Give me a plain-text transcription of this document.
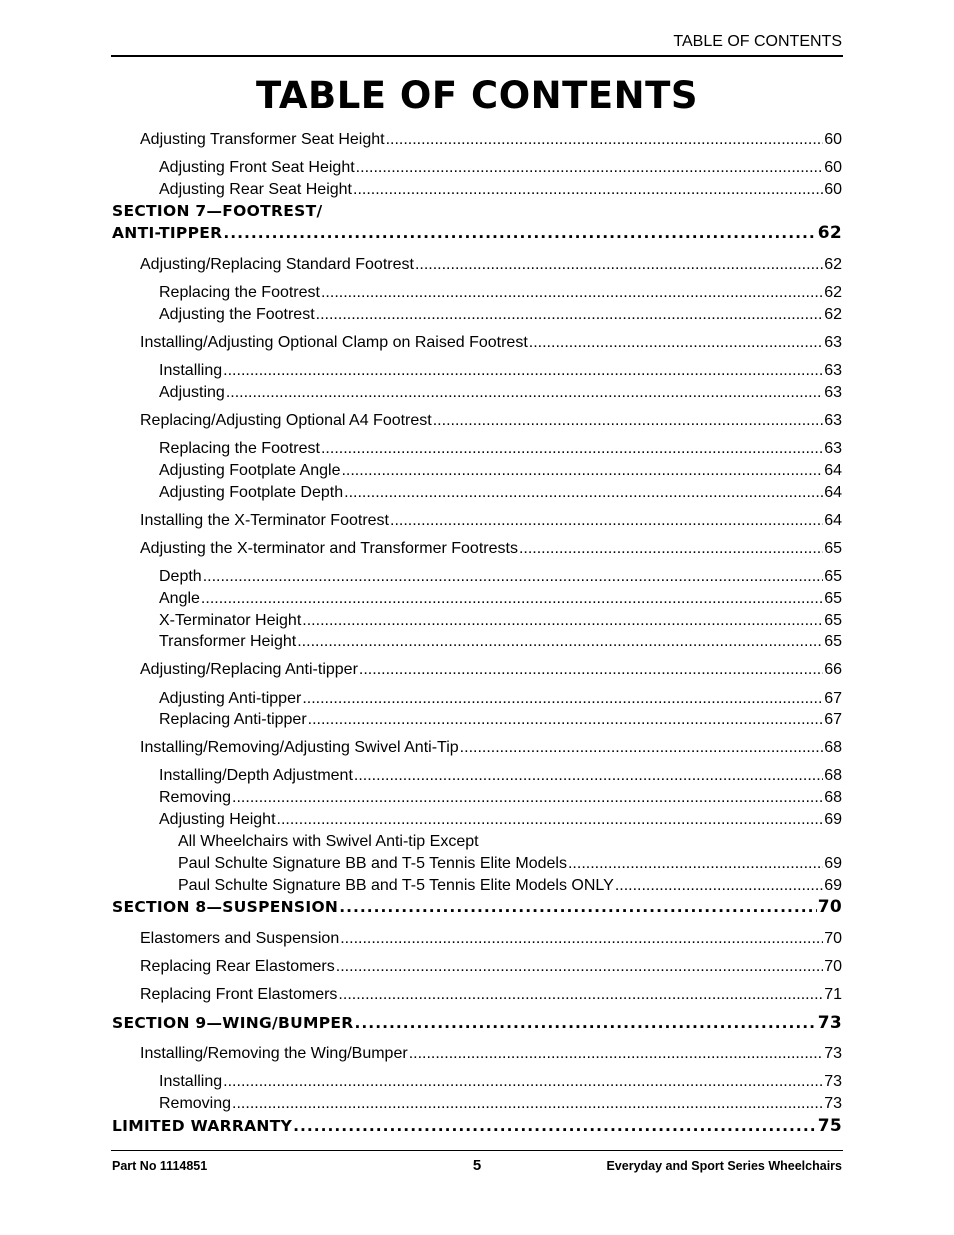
TABLE OF CONTENTS
TABLE OF CONTENTS
Adjusting Transformer Seat Height .....	60
Adjusting Front Seat Height .....	60
Adjusting Rear Seat Height .....	60
SECTION 7—FOOTREST/
ANTI-TIPPER .....	62
Adjusting/Replacing Standard Footrest .....	62
Replacing the Footrest .....	62
Adjusting the Footrest .....	62
Installing/Adjusting Optional Clamp on Raised Footrest .....	63
Installing .....	63
Adjusting .....	63
Replacing/Adjusting Optional A4 Footrest .....	63
Replacing the Footrest .....	63
Adjusting Footplate Angle .....	64
Adjusting Footplate Depth .....	64
Installing the X-Terminator Footrest .....	64
Adjusting the X-terminator and Transformer Footrests .....	65
Depth .....	65
Angle .....	65
X-Terminator Height .....	65
Transformer Height .....	65
Adjusting/Replacing Anti-tipper .....	66
Adjusting Anti-tipper .....	67
Replacing Anti-tipper .....	67
Installing/Removing/Adjusting Swivel Anti-Tip .....	68
Installing/Depth Adjustment .....	68
Removing .....	68
Adjusting Height .....	69
All Wheelchairs with Swivel Anti-tip Except
Paul Schulte Signature BB and T-5 Tennis Elite Models .....	69
Paul Schulte Signature BB and T-5 Tennis Elite Models ONLY .....	69
SECTION 8—SUSPENSION .....	70
Elastomers and Suspension .....	70
Replacing Rear Elastomers .....	70
Replacing Front Elastomers .....	71
SECTION 9—WING/BUMPER .....	73
Installing/Removing the Wing/Bumper .....	73
Installing .....	73
Removing .....	73
LIMITED WARRANTY .....	75
Part No 1114851	5	Everyday and Sport Series Wheelchairs
